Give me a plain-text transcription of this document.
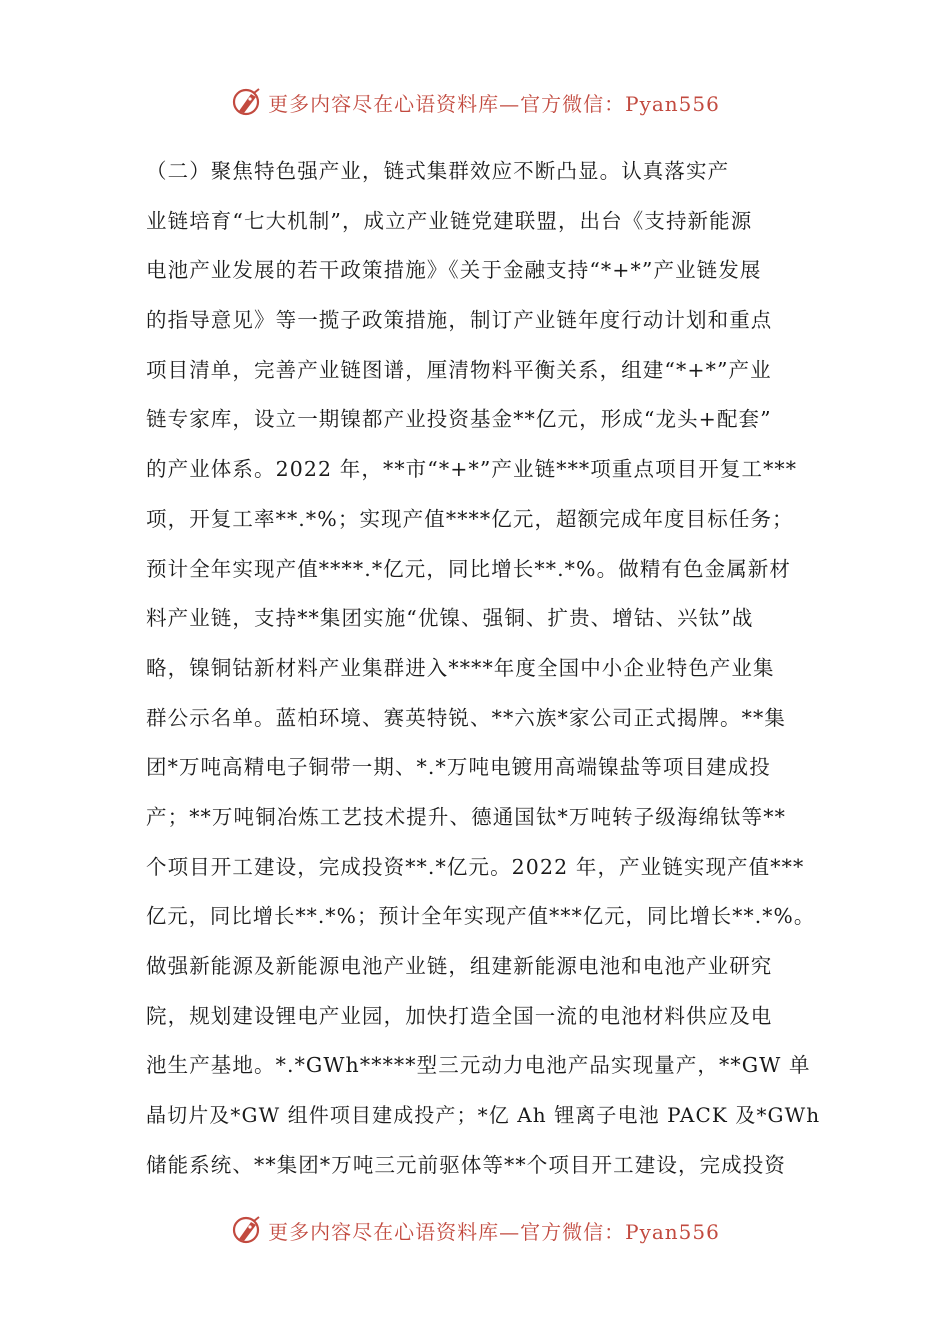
更多内容尽在心语资料库—官方微信：Pyan556
（二）聚焦特色强产业，链式集群效应不断凸显。认真落实产
业链培育“七大机制”，成立产业链党建联盟，出台《支持新能源
电池产业发展的若干政策措施》《关于金融支持“*+*”产业链发展
的指导意见》等一揽子政策措施，制订产业链年度行动计划和重点
项目清单，完善产业链图谱，厘清物料平衡关系，组建“*+*”产业
链专家库，设立一期镍都产业投资基金**亿元，形成“龙头+配套”
的产业体系。2022 年，**市“*+*”产业链***项重点项目开复工***
项，开复工率**.*%；实现产值****亿元，超额完成年度目标任务；
预计全年实现产值****.*亿元，同比增长**.*%。做精有色金属新材
料产业链，支持**集团实施“优镍、强铜、扩贵、增钴、兴钛”战
略，镍铜钴新材料产业集群进入****年度全国中小企业特色产业集
群公示名单。蓝柏环境、赛英特锐、**六族*家公司正式揭牌。**集
团*万吨高精电子铜带一期、*.*万吨电镀用高端镍盐等项目建成投
产；**万吨铜冶炼工艺技术提升、德通国钛*万吨转子级海绵钛等**
个项目开工建设，完成投资**.*亿元。2022 年，产业链实现产值***
亿元，同比增长**.*%；预计全年实现产值***亿元，同比增长**.*%。
做强新能源及新能源电池产业链，组建新能源电池和电池产业研究
院，规划建设锂电产业园，加快打造全国一流的电池材料供应及电
池生产基地。*.*GWh*****型三元动力电池产品实现量产，**GW 单
晶切片及*GW 组件项目建成投产；*亿 Ah 锂离子电池 PACK 及*GWh
储能系统、**集团*万吨三元前驱体等**个项目开工建设，完成投资
更多内容尽在心语资料库—官方微信：Pyan556
